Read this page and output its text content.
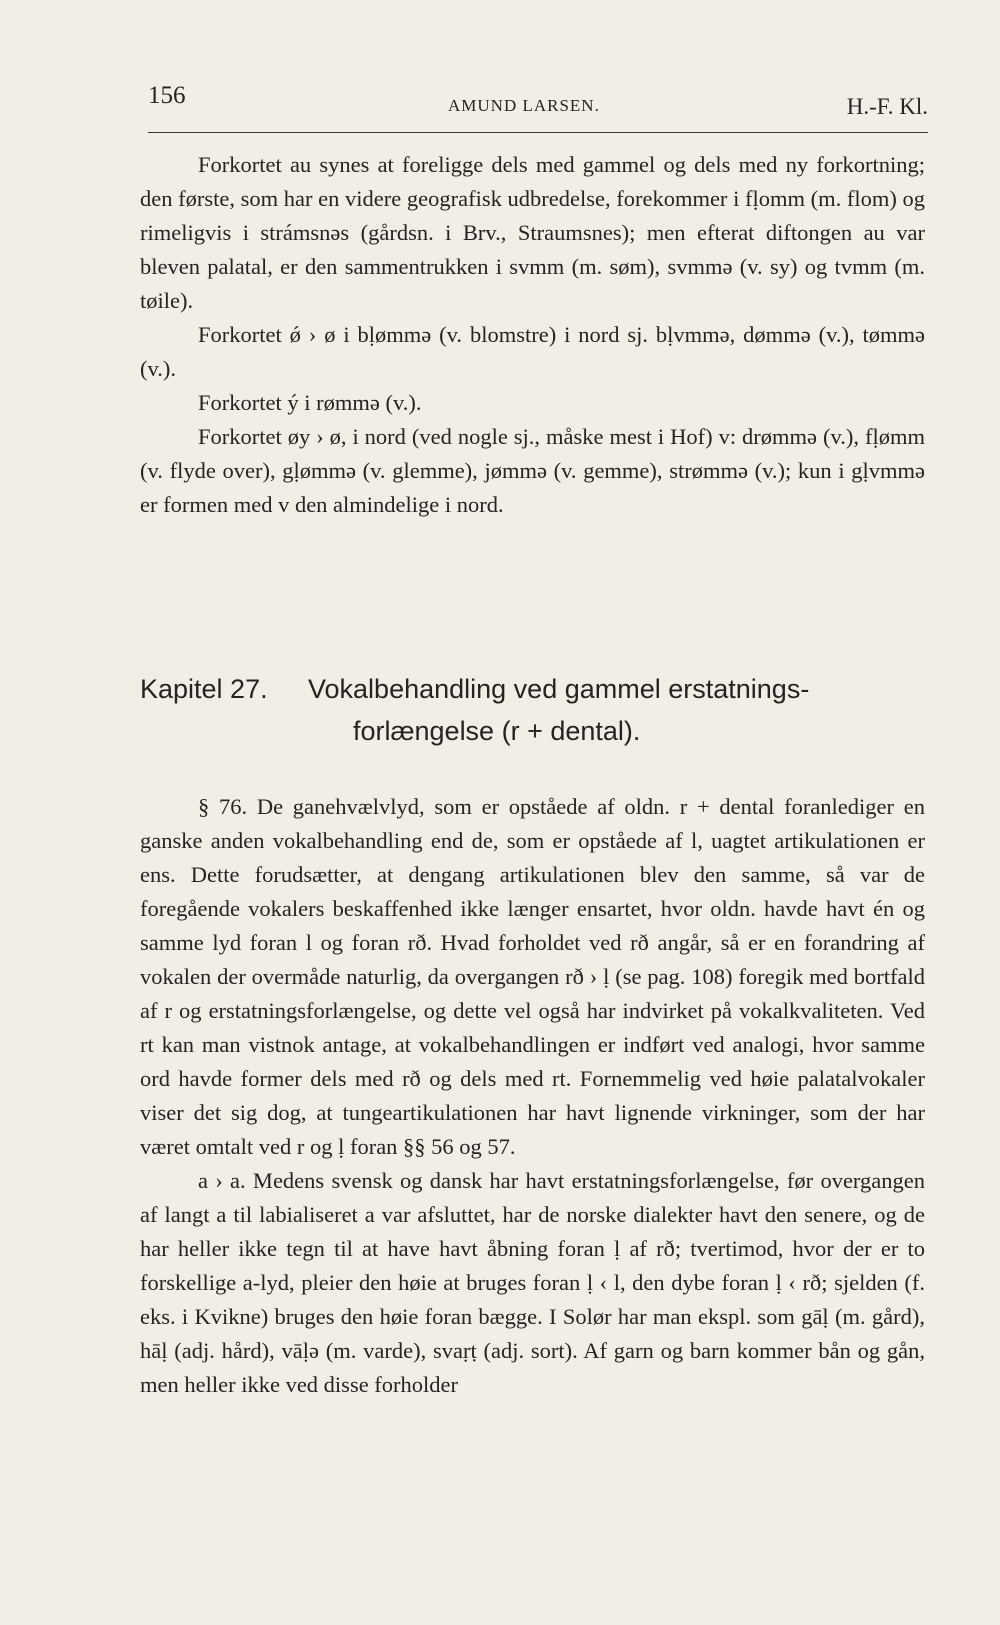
156	AMUND LARSEN.	H.-F. Kl.

Forkortet au synes at foreligge dels med gammel og dels med ny forkortning; den første, som har en videre geografisk udbredelse, forekommer i fḷomm (m. flom) og rimeligvis i strámsnəs (gårdsn. i Brv., Straumsnes); men efterat diftongen au var bleven palatal, er den sammentrukken i svmm (m. søm), svmmə (v. sy) og tvmm (m. tøile).

Forkortet ǿ › ø i bḷømmə (v. blomstre) i nord sj. bḷvmmə, dømmə (v.), tømmə (v.).

Forkortet ý i rømmə (v.).

Forkortet øy › ø, i nord (ved nogle sj., måske mest i Hof) v: drømmə (v.), fḷømm (v. flyde over), gḷømmə (v. glemme), jømmə (v. gemme), strømmə (v.); kun i gḷvmmə er formen med v den almindelige i nord.

Kapitel 27. Vokalbehandling ved gammel erstatnings-
forlængelse (r + dental).

§ 76. De ganehvælvlyd, som er opståede af oldn. r + dental foranlediger en ganske anden vokalbehandling end de, som er opståede af l, uagtet artikulationen er ens. Dette forudsætter, at dengang artikulationen blev den samme, så var de foregående vokalers beskaffenhed ikke længer ensartet, hvor oldn. havde havt én og samme lyd foran l og foran rð. Hvad forholdet ved rð angår, så er en forandring af vokalen der overmåde naturlig, da overgangen rð › ḷ (se pag. 108) foregik med bortfald af r og erstatningsforlængelse, og dette vel også har indvirket på vokalkvaliteten. Ved rt kan man vistnok antage, at vokalbehandlingen er indført ved analogi, hvor samme ord havde former dels med rð og dels med rt. Fornemmelig ved høie palatalvokaler viser det sig dog, at tungeartikulationen har havt lignende virkninger, som der har været omtalt ved r og ḷ foran §§ 56 og 57.

a › a. Medens svensk og dansk har havt erstatningsforlængelse, før overgangen af langt a til labialiseret a var afsluttet, har de norske dialekter havt den senere, og de har heller ikke tegn til at have havt åbning foran ḷ af rð; tvertimod, hvor der er to forskellige a-lyd, pleier den høie at bruges foran ḷ ‹ l, den dybe foran ḷ ‹ rð; sjelden (f. eks. i Kvikne) bruges den høie foran bægge. I Solør har man ekspl. som gāḷ (m. gård), hāḷ (adj. hård), vāḷə (m. varde), svaṛṭ (adj. sort). Af garn og barn kommer bån og gån, men heller ikke ved disse forholder
